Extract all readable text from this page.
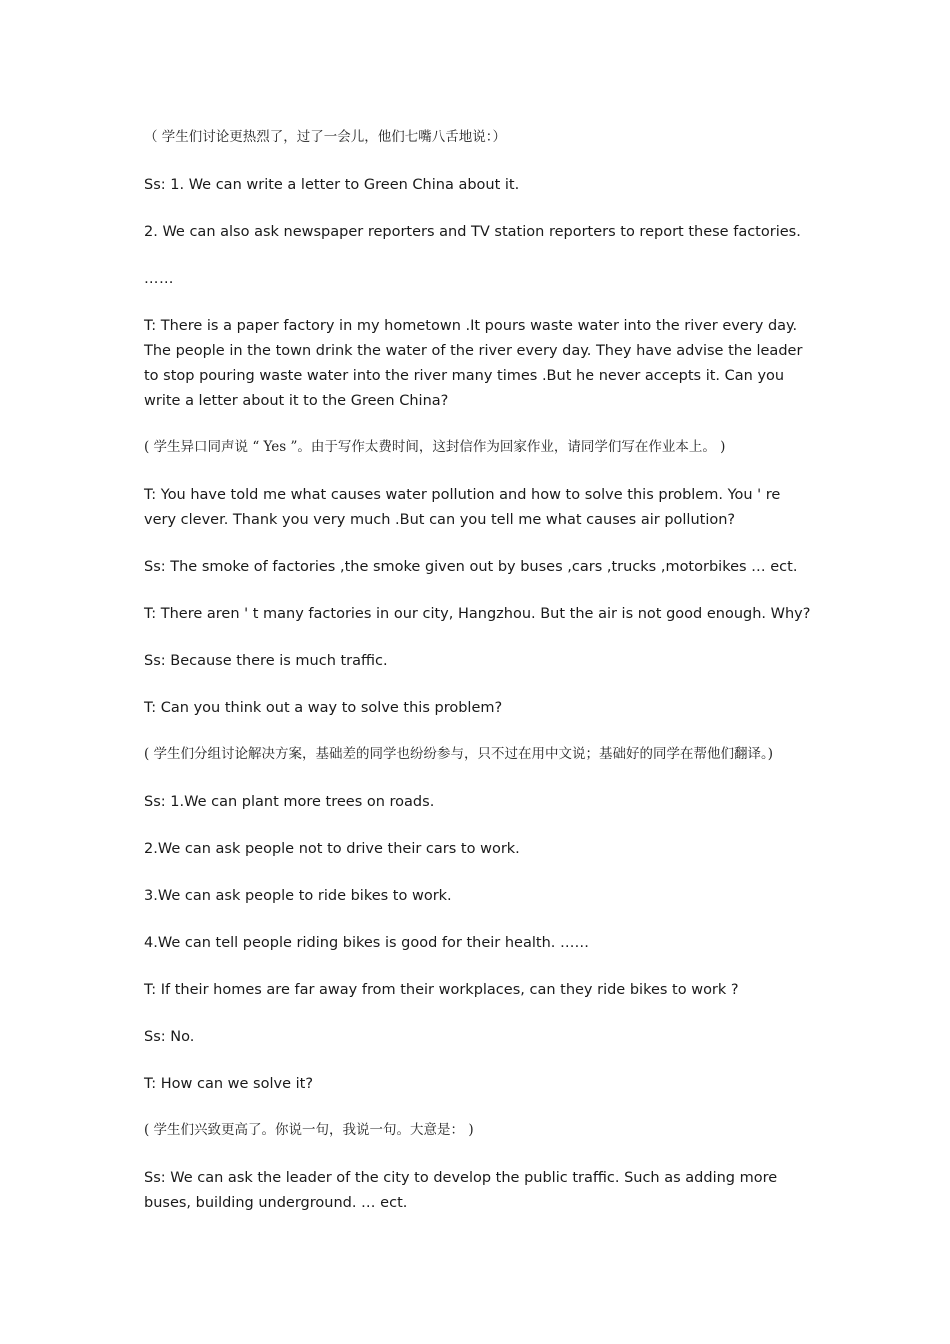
（ 学生们讨论更热烈了，过了一会儿，他们七嘴八舌地说：）

Ss: 1. We can write a letter to Green China about it.

2. We can also ask newspaper reporters and TV station reporters to report these factories.

……

T: There is a paper factory in my hometown .It pours waste water into the river every day. The people in the town drink the water of the river every day. They have advise the leader to stop pouring waste water into the river many times .But he never accepts it. Can you write a letter about it to the Green China?

( 学生异口同声说 “ Yes ”。由于写作太费时间，这封信作为回家作业，请同学们写在作业本上。 )

T: You have told me what causes water pollution and how to solve this problem. You ' re very clever. Thank you very much .But can you tell me what causes air pollution?

Ss: The smoke of factories ,the smoke given out by buses ,cars ,trucks ,motorbikes … ect.

T: There aren ' t many factories in our city, Hangzhou. But the air is not good enough. Why?

Ss: Because there is much traffic.

T: Can you think out a way to solve this problem?

( 学生们分组讨论解决方案，基础差的同学也纷纷参与，只不过在用中文说；基础好的同学在帮他们翻译。)

Ss: 1.We can plant more trees on roads.

2.We can ask people not to drive their cars to work.

3.We can ask people to ride bikes to work.

4.We can tell people riding bikes is good for their health. ……

T: If their homes are far away from their workplaces, can they ride bikes to work ?

Ss: No.

T: How can we solve it?

( 学生们兴致更高了。你说一句，我说一句。大意是： )

Ss: We can ask the leader of the city to develop the public traffic. Such as adding more buses, building underground. … ect.
